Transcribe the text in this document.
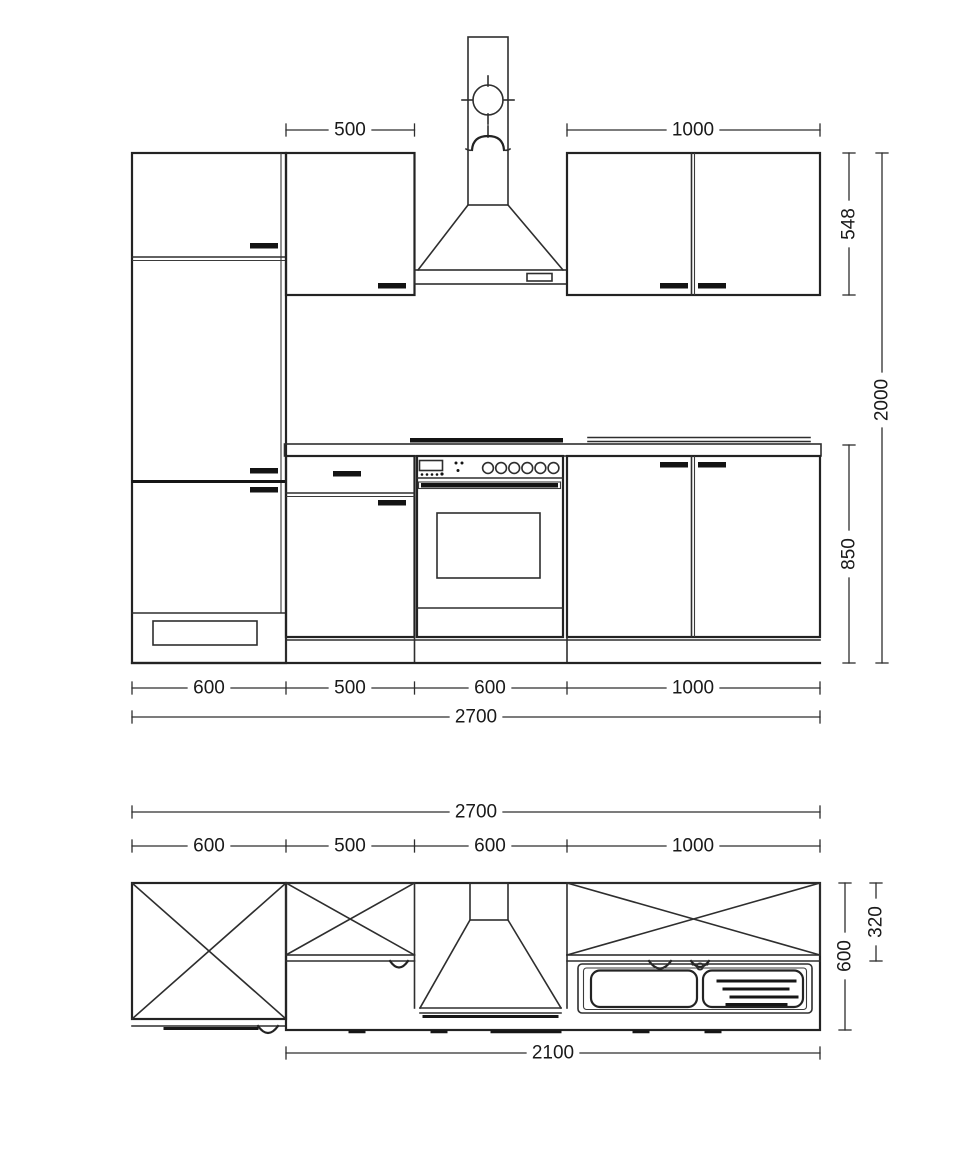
500	1000
548
2000
850
600	500	600	1000
2700
2700
600	500	600	1000
600
320
2100
